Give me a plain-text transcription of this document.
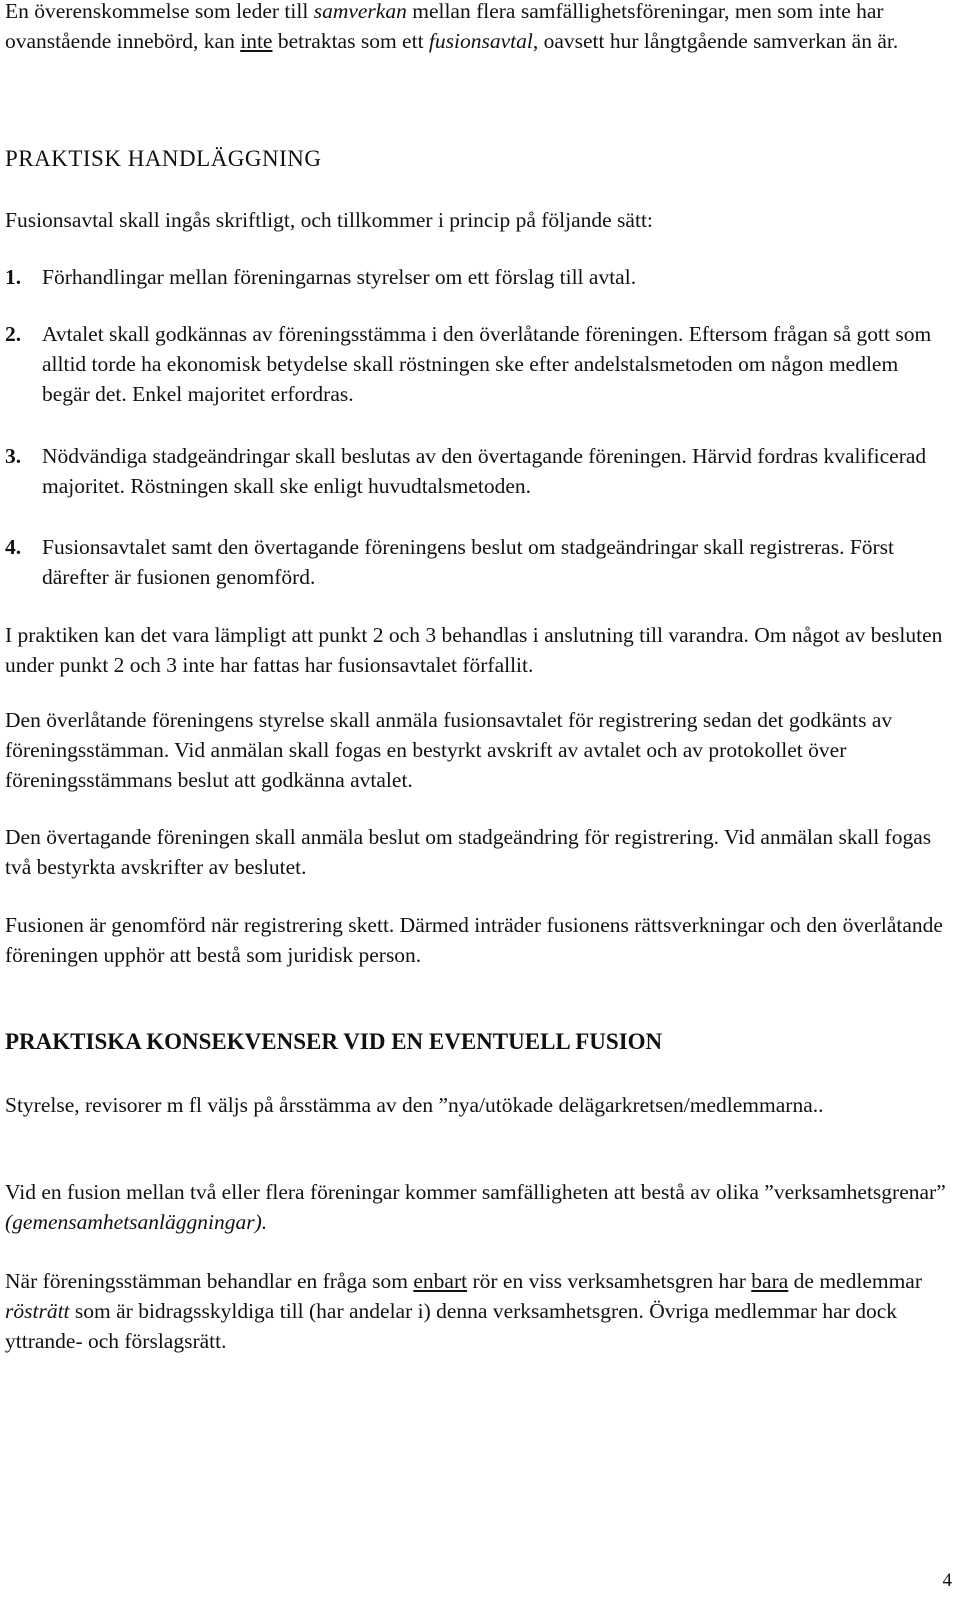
En överenskommelse som leder till samverkan mellan flera samfällighetsföreningar, men som inte har ovanstående innebörd, kan inte betraktas som ett fusionsavtal, oavsett hur långtgående samverkan än är.

PRAKTISK HANDLÄGGNING

Fusionsavtal skall ingås skriftligt, och tillkommer i princip på följande sätt:

1. Förhandlingar mellan föreningarnas styrelser om ett förslag till avtal.
2. Avtalet skall godkännas av föreningsstämma i den överlåtande föreningen. Eftersom frågan så gott som alltid torde ha ekonomisk betydelse skall röstningen ske efter andelstalsmetoden om någon medlem begär det. Enkel majoritet erfordras.
3. Nödvändiga stadgeändringar skall beslutas av den övertagande föreningen. Härvid fordras kvalificerad majoritet. Röstningen skall ske enligt huvudtalsmetoden.
4. Fusionsavtalet samt den övertagande föreningens beslut om stadgeändringar skall registreras. Först därefter är fusionen genomförd.

I praktiken kan det vara lämpligt att punkt 2 och 3 behandlas i anslutning till varandra. Om något av besluten under punkt 2 och 3 inte har fattas har fusionsavtalet förfallit.

Den överlåtande föreningens styrelse skall anmäla fusionsavtalet för registrering sedan det godkänts av föreningsstämman. Vid anmälan skall fogas en bestyrkt avskrift av avtalet och av protokollet över föreningsstämmans beslut att godkänna avtalet.

Den övertagande föreningen skall anmäla beslut om stadgeändring för registrering. Vid anmälan skall fogas två bestyrkta avskrifter av beslutet.

Fusionen är genomförd när registrering skett. Därmed inträder fusionens rättsverkningar och den överlåtande föreningen upphör att bestå som juridisk person.

PRAKTISKA KONSEKVENSER VID EN EVENTUELL FUSION

Styrelse, revisorer m fl väljs på årsstämma av den ”nya/utökade delägarkretsen/medlemmarna..

Vid en fusion mellan två eller flera föreningar kommer samfälligheten att bestå av olika ”verksamhetsgrenar” (gemensamhetsanläggningar).

När föreningsstämman behandlar en fråga som enbart rör en viss verksamhetsgren har bara de medlemmar rösträtt som är bidragsskyldiga till (har andelar i) denna verksamhetsgren. Övriga medlemmar har dock yttrande- och förslagsrätt.

4
